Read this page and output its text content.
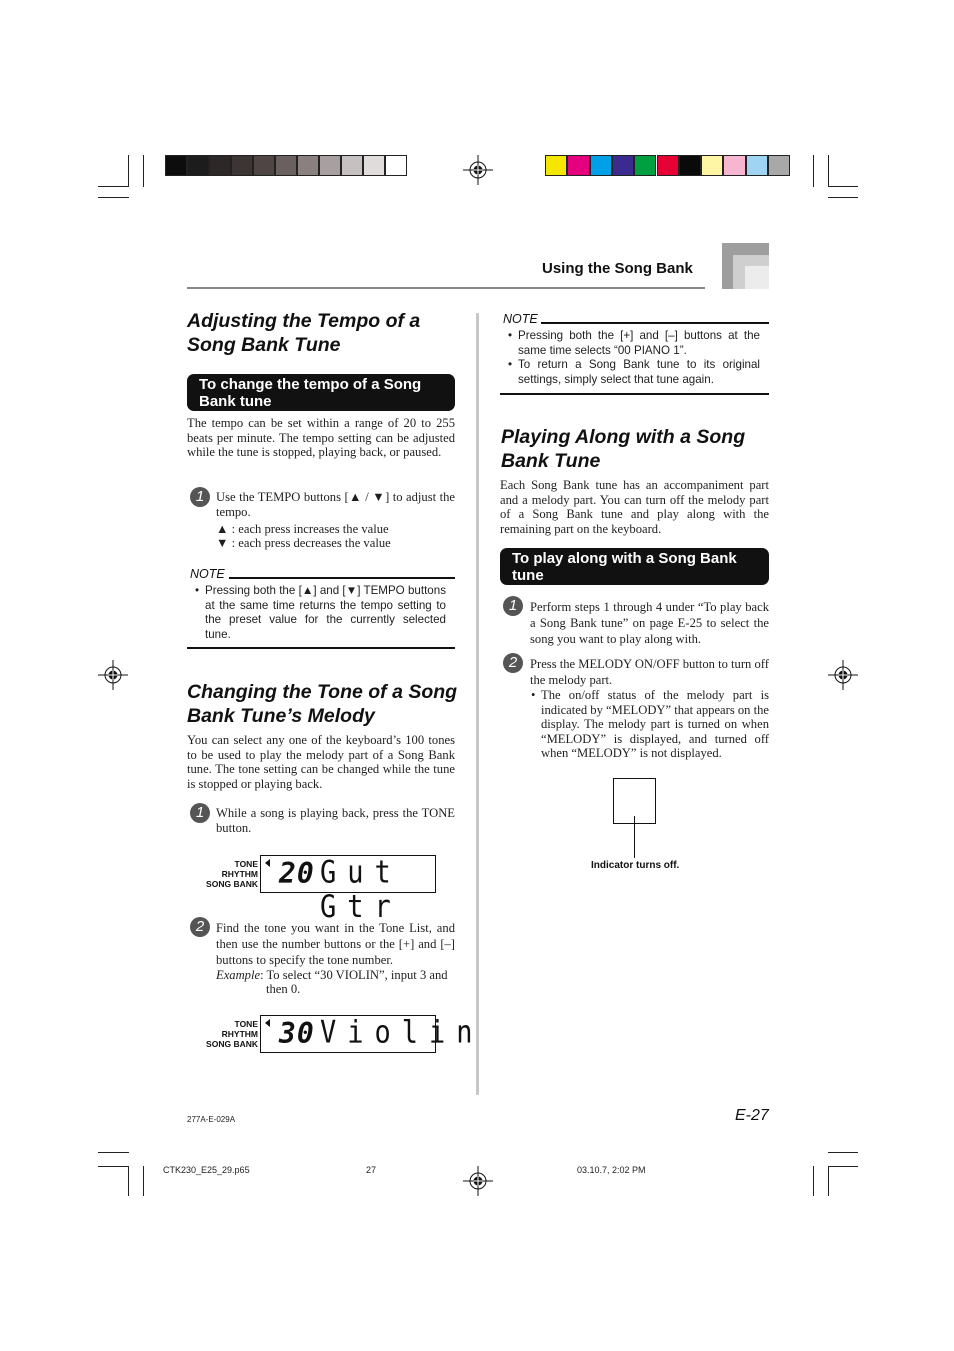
Using the Song Bank
Adjusting the Tempo of a
Song Bank Tune
To change the tempo of a Song
Bank tune
The tempo can be set within a range of 20 to 255 beats per minute. The tempo setting can be adjusted while the tune is stopped, playing back, or paused.
1 Use the TEMPO buttons [▲ / ▼] to adjust the tempo.
▲ : each press increases the value
▼ : each press decreases the value
NOTE
• Pressing both the [▲] and [▼] TEMPO buttons at the same time returns the tempo setting to the preset value for the currently selected tune.
Changing the Tone of a Song
Bank Tune’s Melody
You can select any one of the keyboard’s 100 tones to be used to play the melody part of a Song Bank tune. The tone setting can be changed while the tune is stopped or playing back.
1 While a song is playing back, press the TONE button.
TONE
RHYTHM
SONG BANK 20 Gut Gtr
2 Find the tone you want in the Tone List, and then use the number buttons or the [+] and [–] buttons to specify the tone number.
Example: To select “30 VIOLIN”, input 3 and
then 0.
TONE
RHYTHM
SONG BANK 30 Violin
NOTE
• Pressing both the [+] and [–] buttons at the same time selects “00 PIANO 1”.
• To return a Song Bank tune to its original settings, simply select that tune again.
Playing Along with a Song
Bank Tune
Each Song Bank tune has an accompaniment part and a melody part. You can turn off the melody part of a Song Bank tune and play along with the remaining part on the keyboard.
To play along with a Song Bank
tune
1	Perform steps 1 through 4 under “To play back a Song Bank tune” on page E-25 to select the song you want to play along with.
2	Press the MELODY ON/OFF button to turn off the melody part.
• The on/off status of the melody part is indicated by “MELODY” that appears on the display. The melody part is turned on when “MELODY” is displayed, and turned off when “MELODY” is not displayed.
Indicator turns off.
277A-E-029A	E-27
CTK230_E25_29.p65	27	03.10.7, 2:02 PM
